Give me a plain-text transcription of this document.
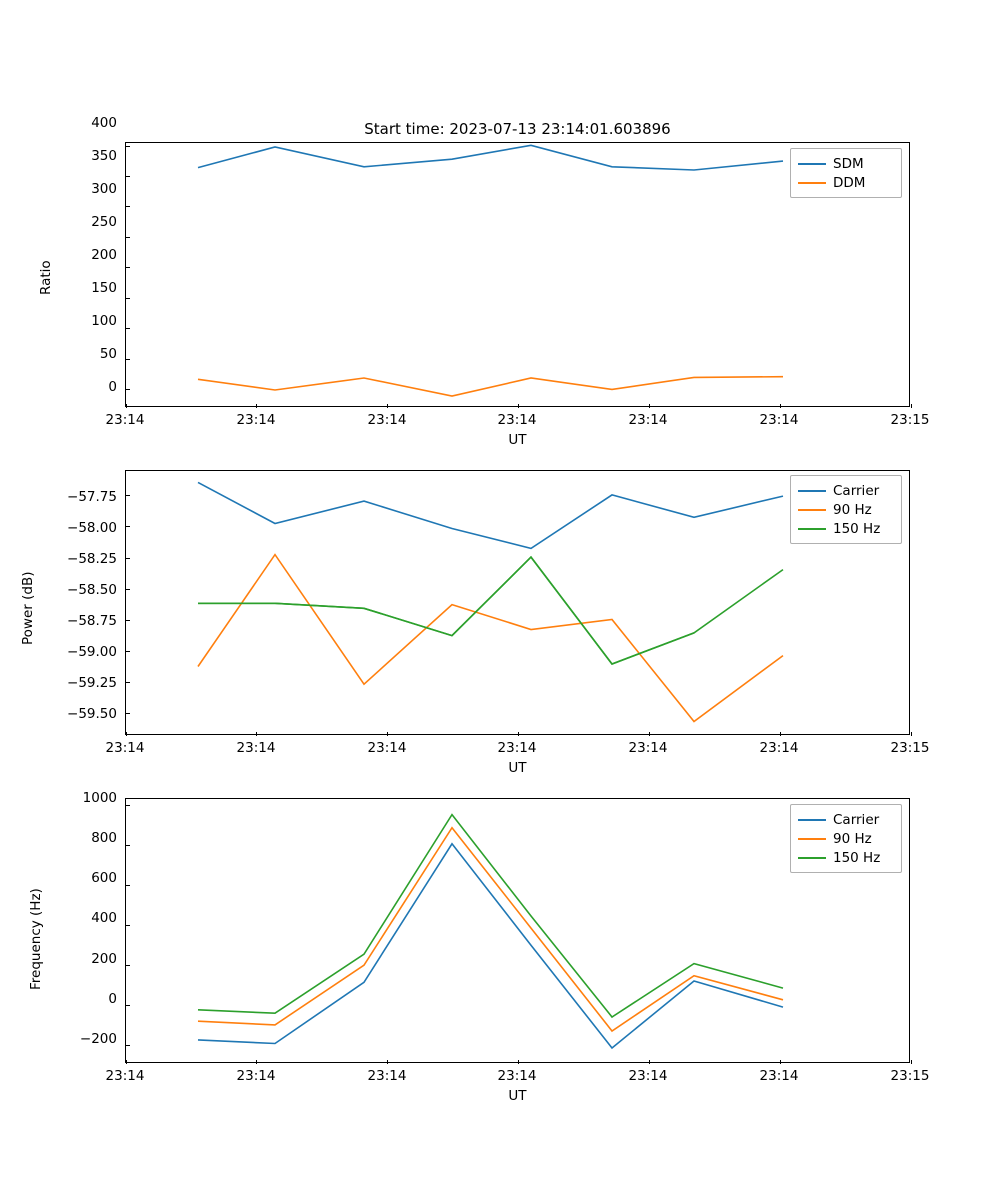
Start time: 2023-07-13 23:14:01.603896
0
50
100
150
200
250
300
350
400
23:14	23:14	23:14	23:14	23:14	23:14	23:15
UT
Ratio
SDM
DDM
−59.50
−59.25
−59.00
−58.75
−58.50
−58.25
−58.00
−57.75
23:14	23:14	23:14	23:14	23:14	23:14	23:15
UT
Power (dB)
Carrier
90 Hz
150 Hz
−200
0
200
400
600
800
1000
23:14	23:14	23:14	23:14	23:14	23:14	23:15
UT
Frequency (Hz)
Carrier
90 Hz
150 Hz
